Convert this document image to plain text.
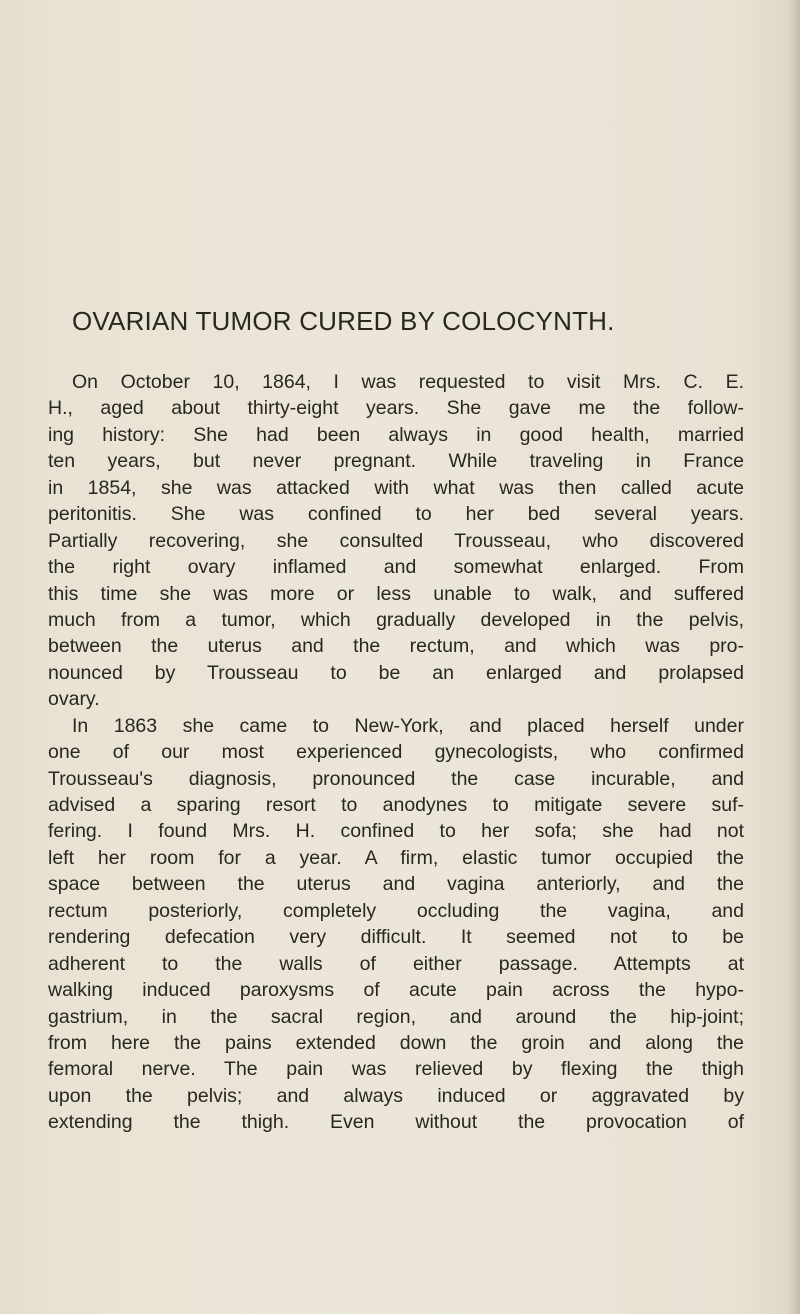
OVARIAN TUMOR CURED BY COLOCYNTH.
On October 10, 1864, I was requested to visit Mrs. C. E.
H., aged about thirty-eight years. She gave me the follow-
ing history: She had been always in good health, married
ten years, but never pregnant. While traveling in France
in 1854, she was attacked with what was then called acute
peritonitis. She was confined to her bed several years.
Partially recovering, she consulted Trousseau, who discovered
the right ovary inflamed and somewhat enlarged. From
this time she was more or less unable to walk, and suffered
much from a tumor, which gradually developed in the pelvis,
between the uterus and the rectum, and which was pro-
nounced by Trousseau to be an enlarged and prolapsed
ovary.
In 1863 she came to New-York, and placed herself under
one of our most experienced gynecologists, who confirmed
Trousseau's diagnosis, pronounced the case incurable, and
advised a sparing resort to anodynes to mitigate severe suf-
fering. I found Mrs. H. confined to her sofa; she had not
left her room for a year. A firm, elastic tumor occupied the
space between the uterus and vagina anteriorly, and the
rectum posteriorly, completely occluding the vagina, and
rendering defecation very difficult. It seemed not to be
adherent to the walls of either passage. Attempts at
walking induced paroxysms of acute pain across the hypo-
gastrium, in the sacral region, and around the hip-joint;
from here the pains extended down the groin and along the
femoral nerve. The pain was relieved by flexing the thigh
upon the pelvis; and always induced or aggravated by
extending the thigh. Even without the provocation of
